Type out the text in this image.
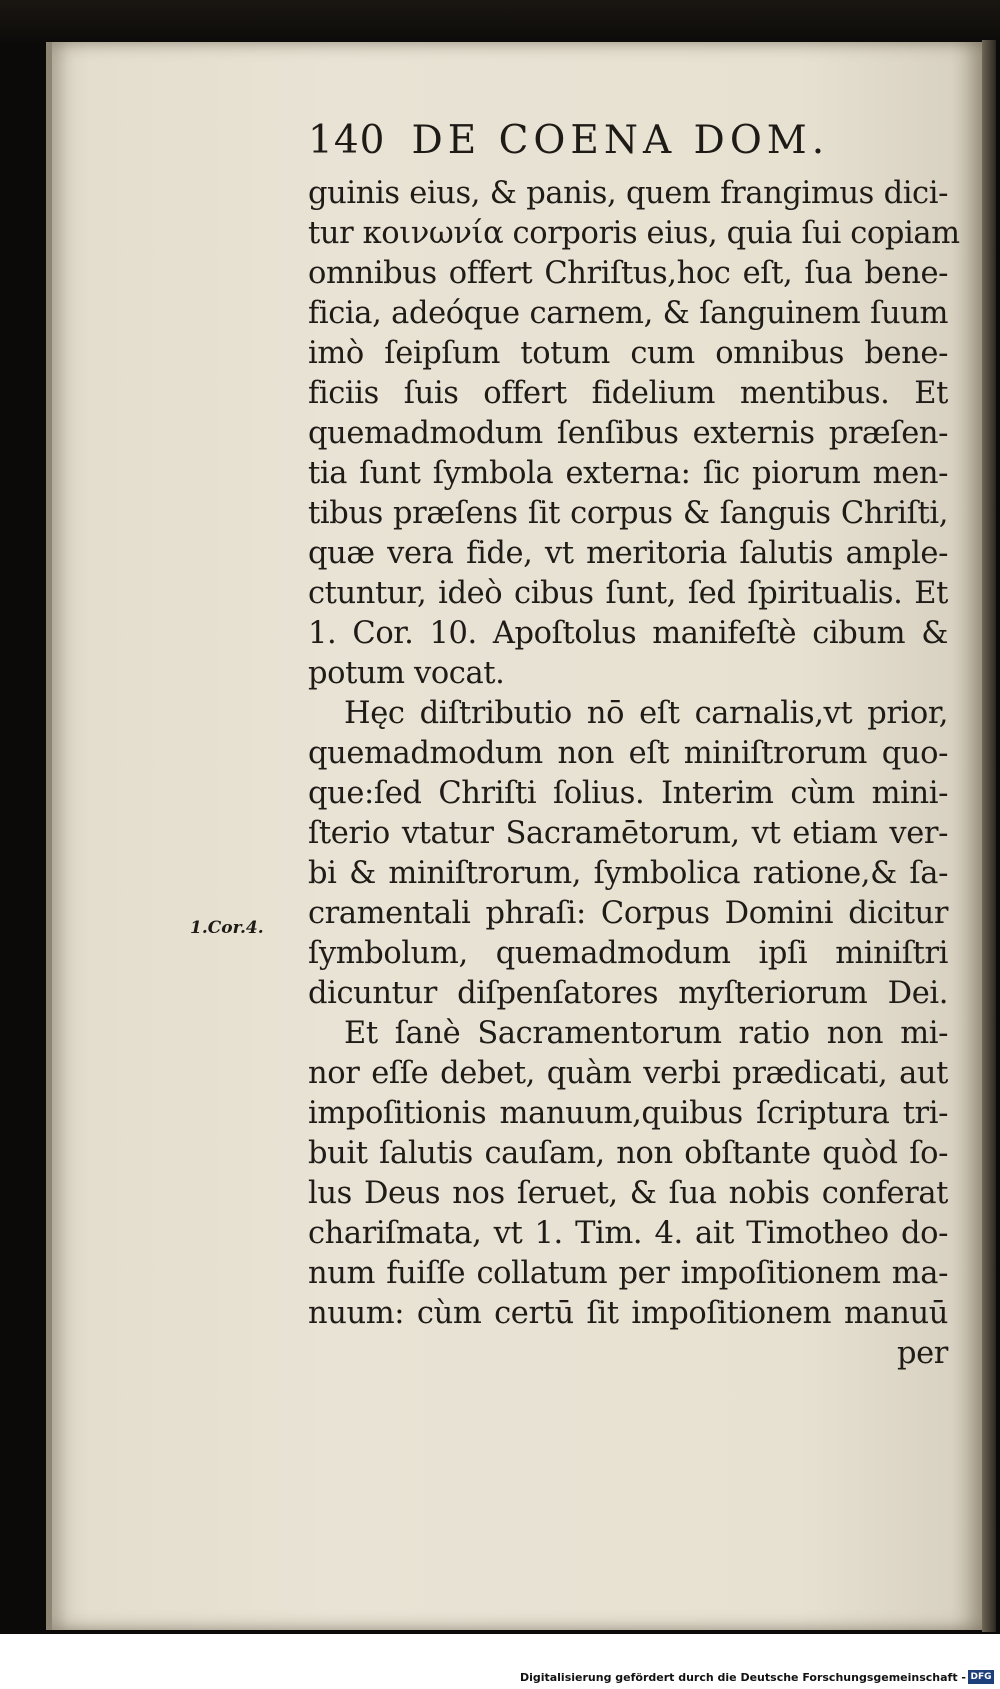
140 DE COENA DOM.
1.Cor.4.
guinis eius, & panis, quem frangimus dici-
tur κοινωνία corporis eius, quia ſui copiam
omnibus offert Chriſtus,hoc eſt, ſua bene-
ficia, adeóque carnem, & ſanguinem ſuum
imò ſeipſum totum cum omnibus bene-
ficiis ſuis offert fidelium mentibus. Et
quemadmodum ſenſibus externis præſen-
tia ſunt ſymbola externa: ſic piorum men-
tibus præſens ſit corpus & ſanguis Chriſti,
quæ vera fide, vt meritoria ſalutis ample-
ctuntur, ideò cibus ſunt, ſed ſpiritualis. Et
1. Cor. 10. Apoſtolus manifeſtè cibum &
potum vocat.
Hęc diſtributio nō eſt carnalis,vt prior,
quemadmodum non eſt miniſtrorum quo-
que:ſed Chriſti ſolius. Interim cùm mini-
ſterio vtatur Sacramētorum, vt etiam ver-
bi & miniſtrorum, ſymbolica ratione,& ſa-
cramentali phraſi: Corpus Domini dicitur
ſymbolum, quemadmodum ipſi miniſtri
dicuntur diſpenſatores myſteriorum Dei.
Et ſanè Sacramentorum ratio non mi-
nor eſſe debet, quàm verbi prædicati, aut
impoſitionis manuum,quibus ſcriptura tri-
buit ſalutis cauſam, non obſtante quòd ſo-
lus Deus nos ſeruet, & ſua nobis conferat
chariſmata, vt 1. Tim. 4. ait Timotheo do-
num fuiſſe collatum per impoſitionem ma-
nuum: cùm certū ſit impoſitionem manuū
per
Digitalisierung gefördert durch die Deutsche Forschungsgemeinschaft - DFG
